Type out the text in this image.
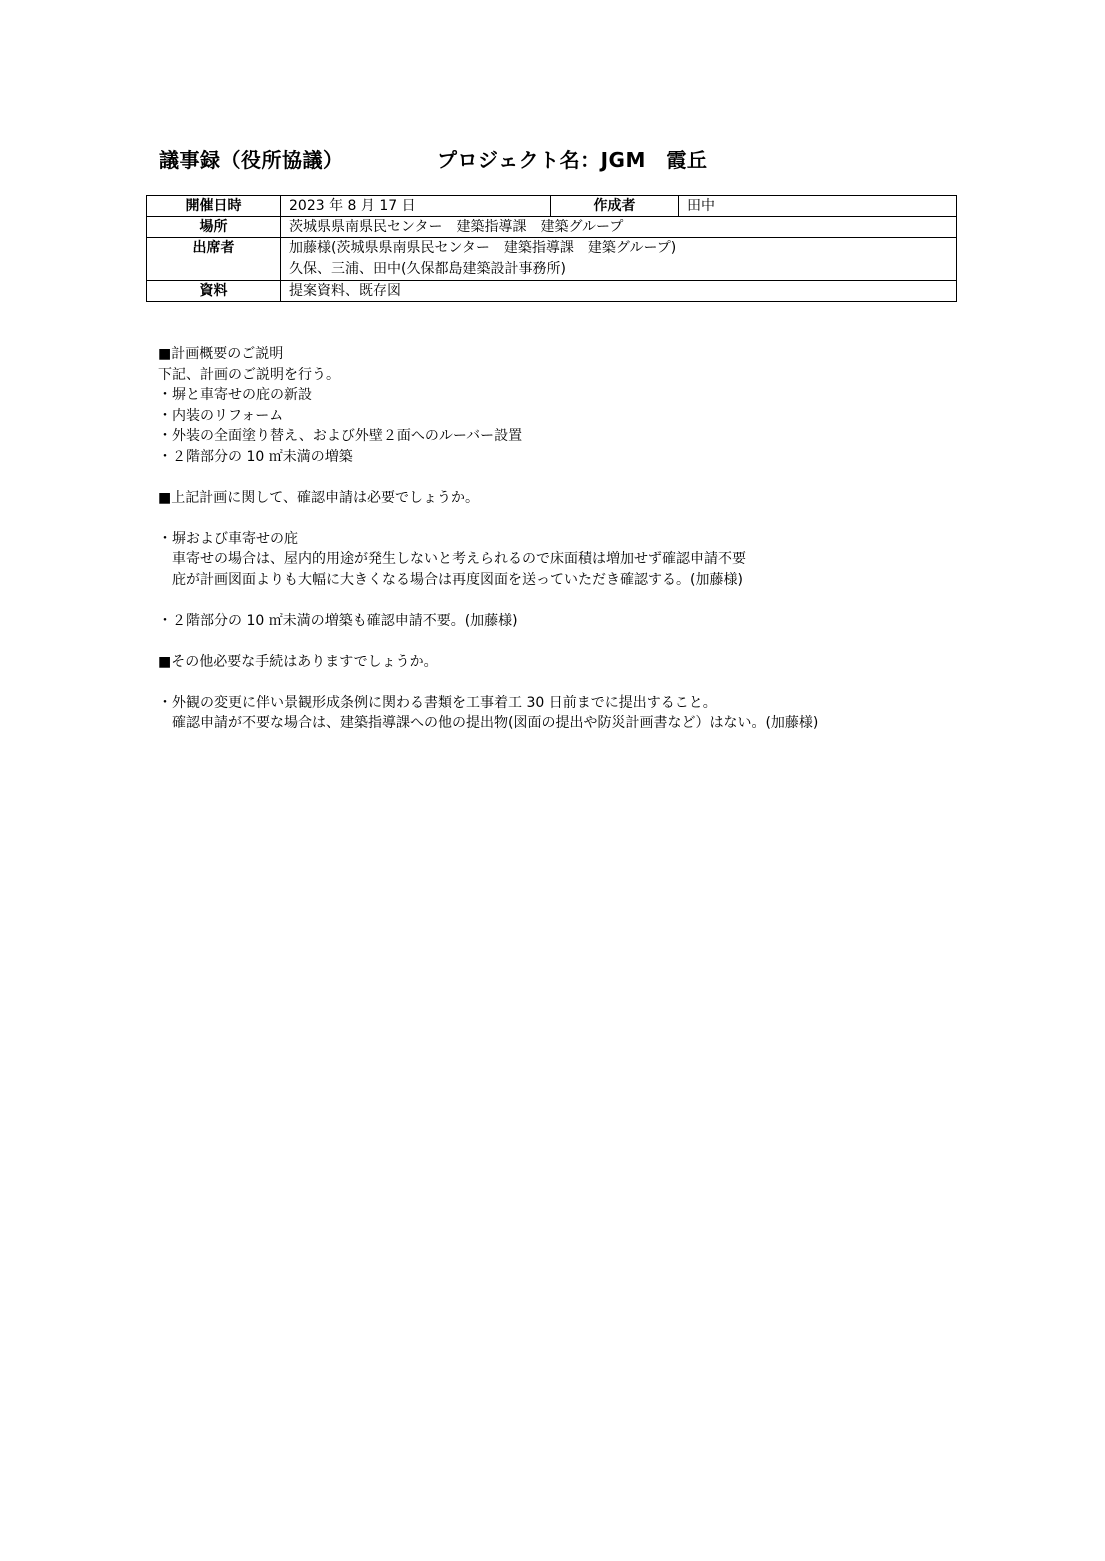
議事録（役所協議）	プロジェクト名：JGM　霞丘
開催日時	2023 年 8 月 17 日	作成者	田中
場所	茨城県県南県民センター　建築指導課　建築グループ		
出席者	加藤様(茨城県県南県民センター　建築指導課　建築グループ)
久保、三浦、田中(久保都島建築設計事務所)		

資料	提案資料、既存図		
■計画概要のご説明
下記、計画のご説明を行う。
・塀と車寄せの庇の新設
・内装のリフォーム
・外装の全面塗り替え、および外壁２面へのルーバー設置
・２階部分の 10 ㎡未満の増築
■上記計画に関して、確認申請は必要でしょうか。
・塀および車寄せの庇
車寄せの場合は、屋内的用途が発生しないと考えられるので床面積は増加せず確認申請不要
庇が計画図面よりも大幅に大きくなる場合は再度図面を送っていただき確認する。(加藤様)
・２階部分の 10 ㎡未満の増築も確認申請不要。(加藤様)
■その他必要な手続はありますでしょうか。
・外観の変更に伴い景観形成条例に関わる書類を工事着工 30 日前までに提出すること。
確認申請が不要な場合は、建築指導課への他の提出物(図面の提出や防災計画書など）はない。(加藤様)
